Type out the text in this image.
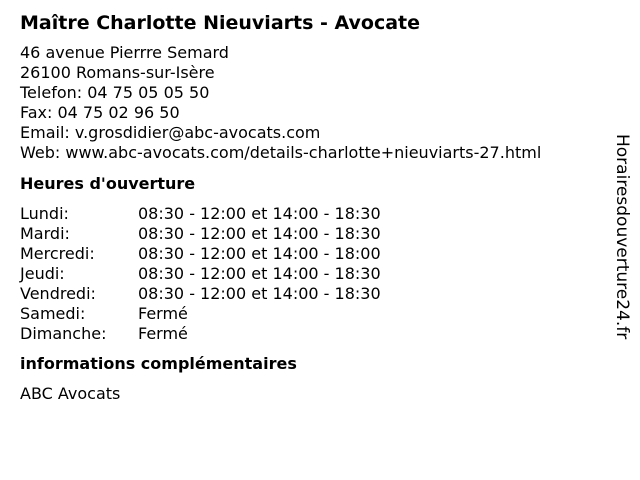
Maître Charlotte Nieuviarts - Avocate
46 avenue Pierrre Semard
26100 Romans-sur-Isère
Telefon: 04 75 05 05 50
Fax: 04 75 02 96 50
Email: v.grosdidier@abc-avocats.com
Web: www.abc-avocats.com/details-charlotte+nieuviarts-27.html
Heures d'ouverture
Lundi:	08:30 - 12:00 et 14:00 - 18:30
Mardi:	08:30 - 12:00 et 14:00 - 18:30
Mercredi:	08:30 - 12:00 et 14:00 - 18:00
Jeudi:	08:30 - 12:00 et 14:00 - 18:30
Vendredi:	08:30 - 12:00 et 14:00 - 18:30
Samedi:	Fermé
Dimanche:	Fermé
informations complémentaires
ABC Avocats
Horairesdouverture24.fr
